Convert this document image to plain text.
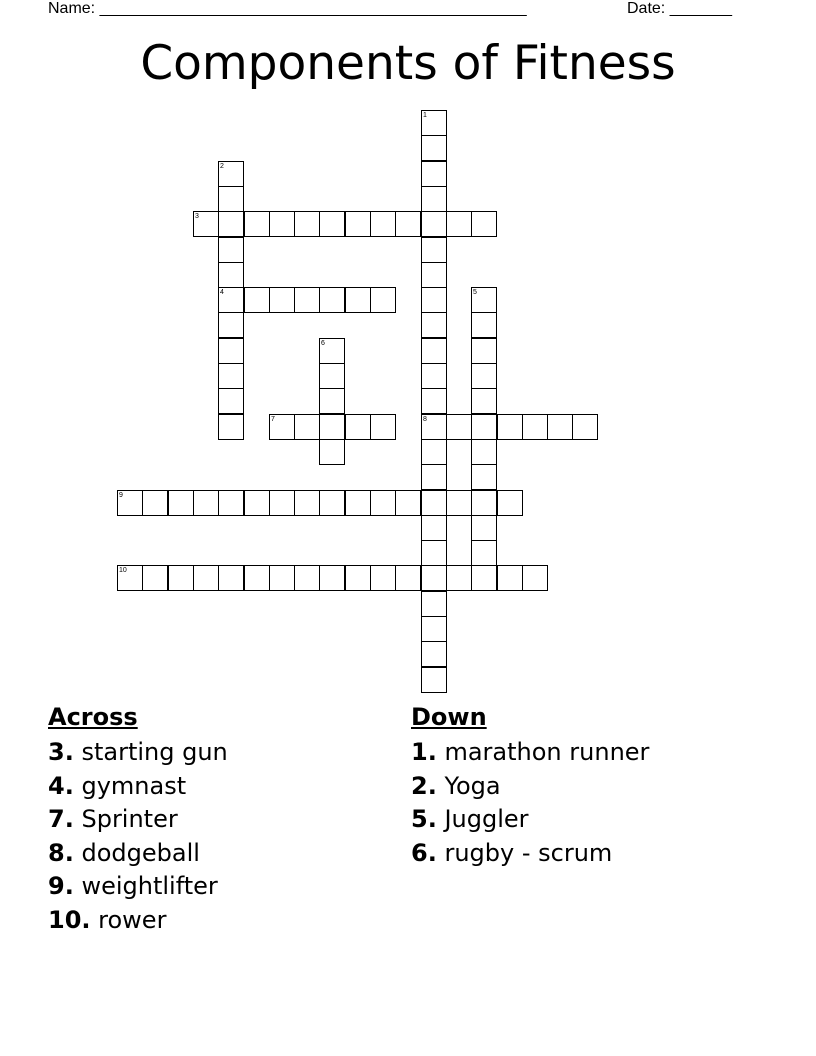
Name: ________________________________________________	Date: _______
Components of Fitness
1
8
2
4
3
5
6
7
9
10
Across
3. starting gun
4. gymnast
7. Sprinter
8. dodgeball
9. weightlifter
10. rower
Down
1. marathon runner
2. Yoga
5. Juggler
6. rugby - scrum
